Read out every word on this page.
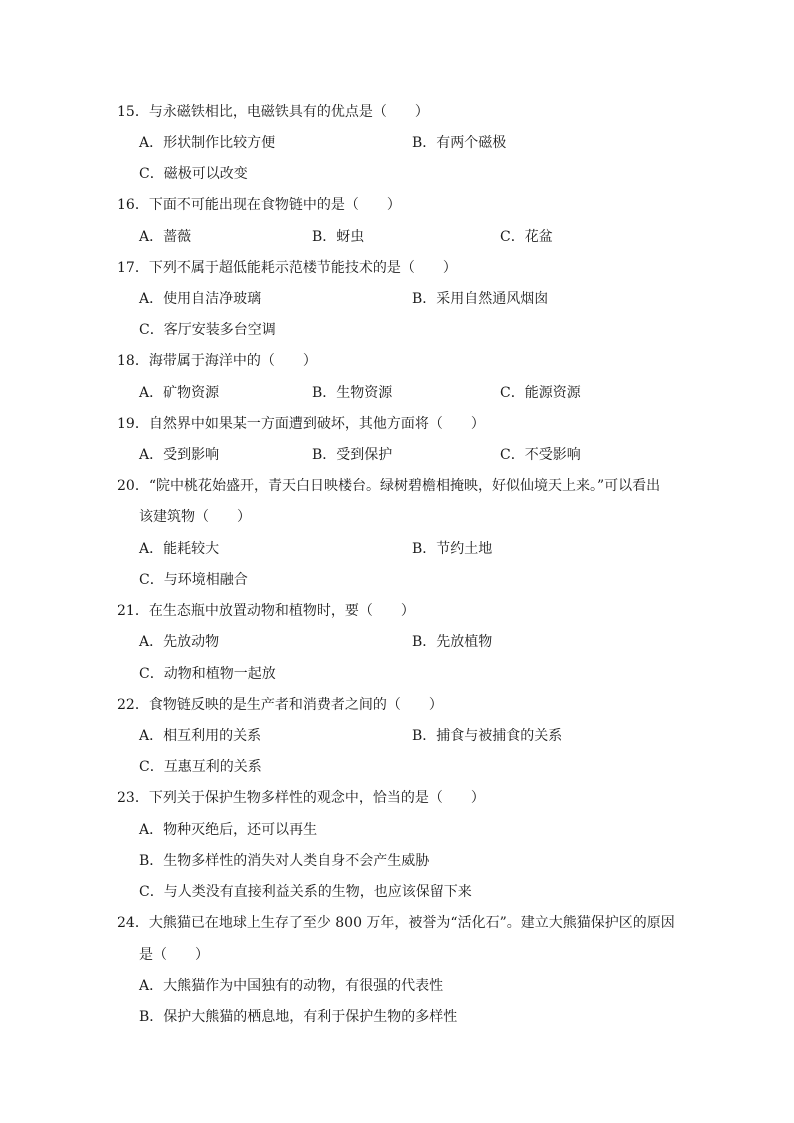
15．与永磁铁相比，电磁铁具有的优点是（　　）
A．形状制作比较方便	B．有两个磁极
C．磁极可以改变
16．下面不可能出现在食物链中的是（　　）
A．蔷薇	B．蚜虫	C．花盆
17．下列不属于超低能耗示范楼节能技术的是（　　）
A．使用自洁净玻璃	B．采用自然通风烟囱
C．客厅安装多台空调
18．海带属于海洋中的（　　）
A．矿物资源	B．生物资源	C．能源资源
19．自然界中如果某一方面遭到破坏，其他方面将（　　）
A．受到影响	B．受到保护	C．不受影响
20．“院中桃花始盛开，青天白日映楼台。绿树碧檐相掩映，好似仙境天上来。”可以看出
该建筑物（　　）
A．能耗较大	B．节约土地
C．与环境相融合
21．在生态瓶中放置动物和植物时，要（　　）
A．先放动物	B．先放植物
C．动物和植物一起放
22．食物链反映的是生产者和消费者之间的（　　）
A．相互利用的关系	B．捕食与被捕食的关系
C．互惠互利的关系
23．下列关于保护生物多样性的观念中，恰当的是（　　）
A．物种灭绝后，还可以再生
B．生物多样性的消失对人类自身不会产生威胁
C．与人类没有直接利益关系的生物，也应该保留下来
24．大熊猫已在地球上生存了至少 800 万年，被誉为“活化石”。建立大熊猫保护区的原因
是（　　）
A．大熊猫作为中国独有的动物，有很强的代表性
B．保护大熊猫的栖息地，有利于保护生物的多样性
